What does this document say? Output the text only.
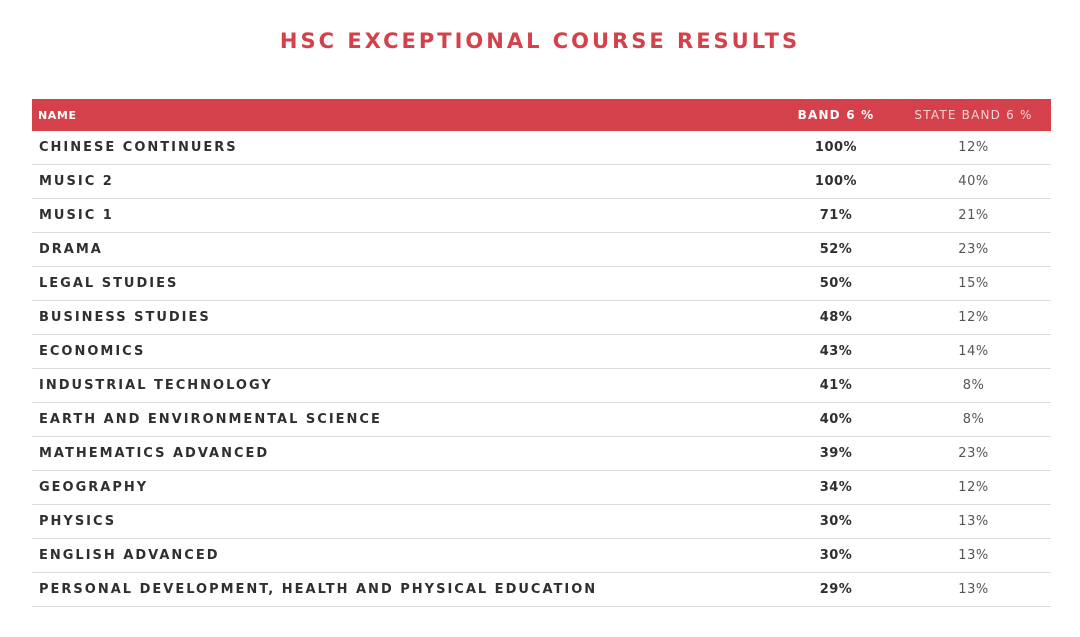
HSC EXCEPTIONAL COURSE RESULTS
NAME	BAND 6 %	STATE BAND 6 %
CHINESE CONTINUERS	100%	12%
MUSIC 2	100%	40%
MUSIC 1	71%	21%
DRAMA	52%	23%
LEGAL STUDIES	50%	15%
BUSINESS STUDIES	48%	12%
ECONOMICS	43%	14%
INDUSTRIAL TECHNOLOGY	41%	8%
EARTH AND ENVIRONMENTAL SCIENCE	40%	8%
MATHEMATICS ADVANCED	39%	23%
GEOGRAPHY	34%	12%
PHYSICS	30%	13%
ENGLISH ADVANCED	30%	13%
PERSONAL DEVELOPMENT, HEALTH AND PHYSICAL EDUCATION	29%	13%
